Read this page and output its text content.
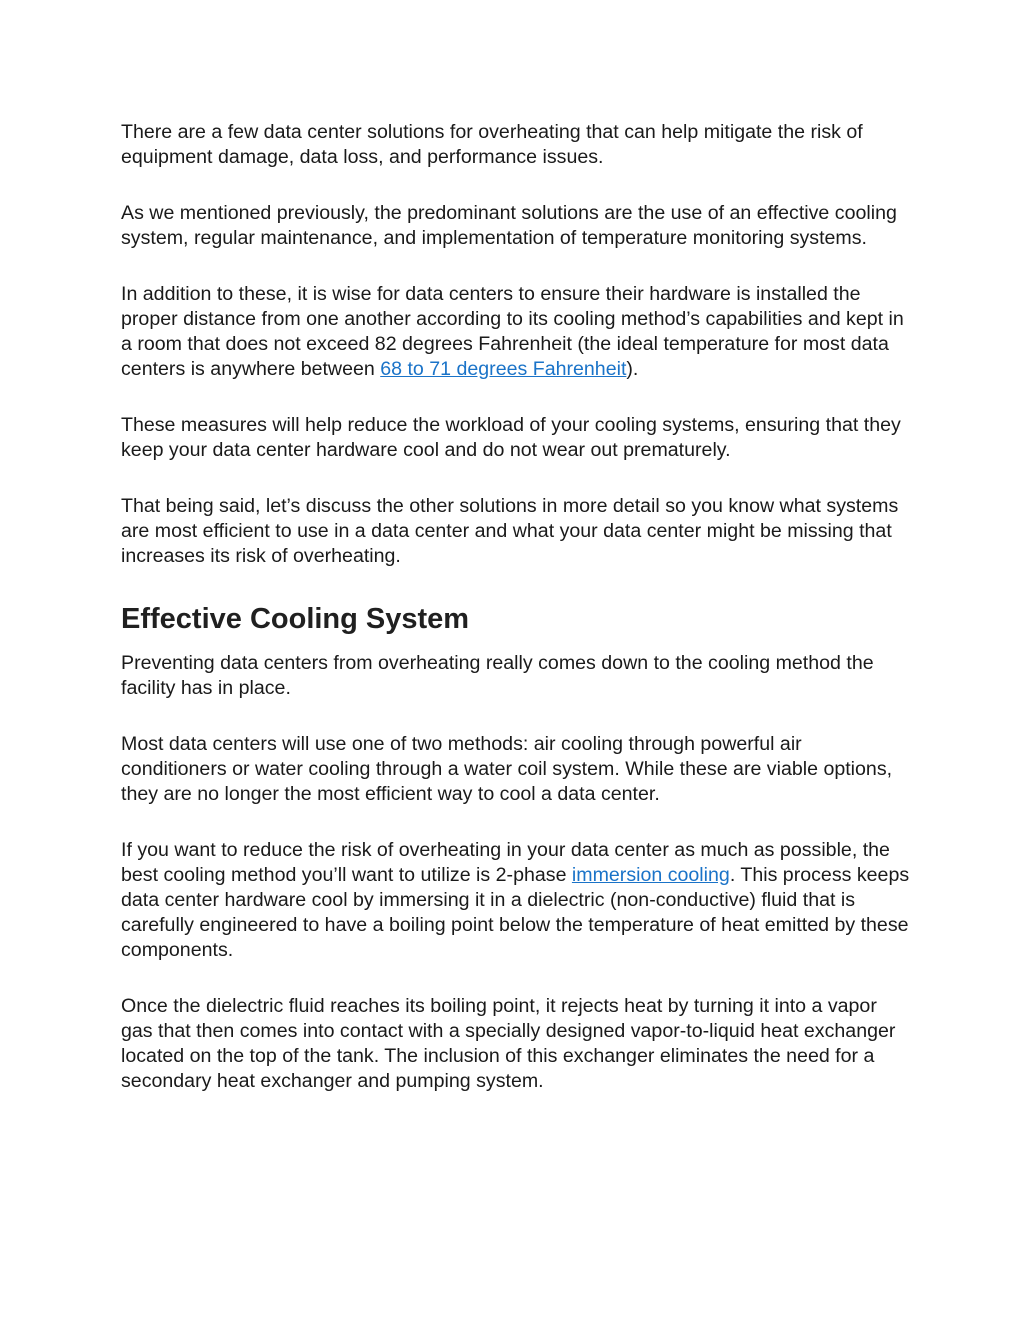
There are a few data center solutions for overheating that can help mitigate the risk of equipment damage, data loss, and performance issues.

As we mentioned previously, the predominant solutions are the use of an effective cooling system, regular maintenance, and implementation of temperature monitoring systems.

In addition to these, it is wise for data centers to ensure their hardware is installed the proper distance from one another according to its cooling method’s capabilities and kept in a room that does not exceed 82 degrees Fahrenheit (the ideal temperature for most data centers is anywhere between 68 to 71 degrees Fahrenheit).

These measures will help reduce the workload of your cooling systems, ensuring that they keep your data center hardware cool and do not wear out prematurely.

That being said, let’s discuss the other solutions in more detail so you know what systems are most efficient to use in a data center and what your data center might be missing that increases its risk of overheating.

Effective Cooling System

Preventing data centers from overheating really comes down to the cooling method the facility has in place.

Most data centers will use one of two methods: air cooling through powerful air conditioners or water cooling through a water coil system. While these are viable options, they are no longer the most efficient way to cool a data center.

If you want to reduce the risk of overheating in your data center as much as possible, the best cooling method you’ll want to utilize is 2-phase immersion cooling. This process keeps data center hardware cool by immersing it in a dielectric (non-conductive) fluid that is carefully engineered to have a boiling point below the temperature of heat emitted by these components.

Once the dielectric fluid reaches its boiling point, it rejects heat by turning it into a vapor gas that then comes into contact with a specially designed vapor-to-liquid heat exchanger located on the top of the tank. The inclusion of this exchanger eliminates the need for a secondary heat exchanger and pumping system.
